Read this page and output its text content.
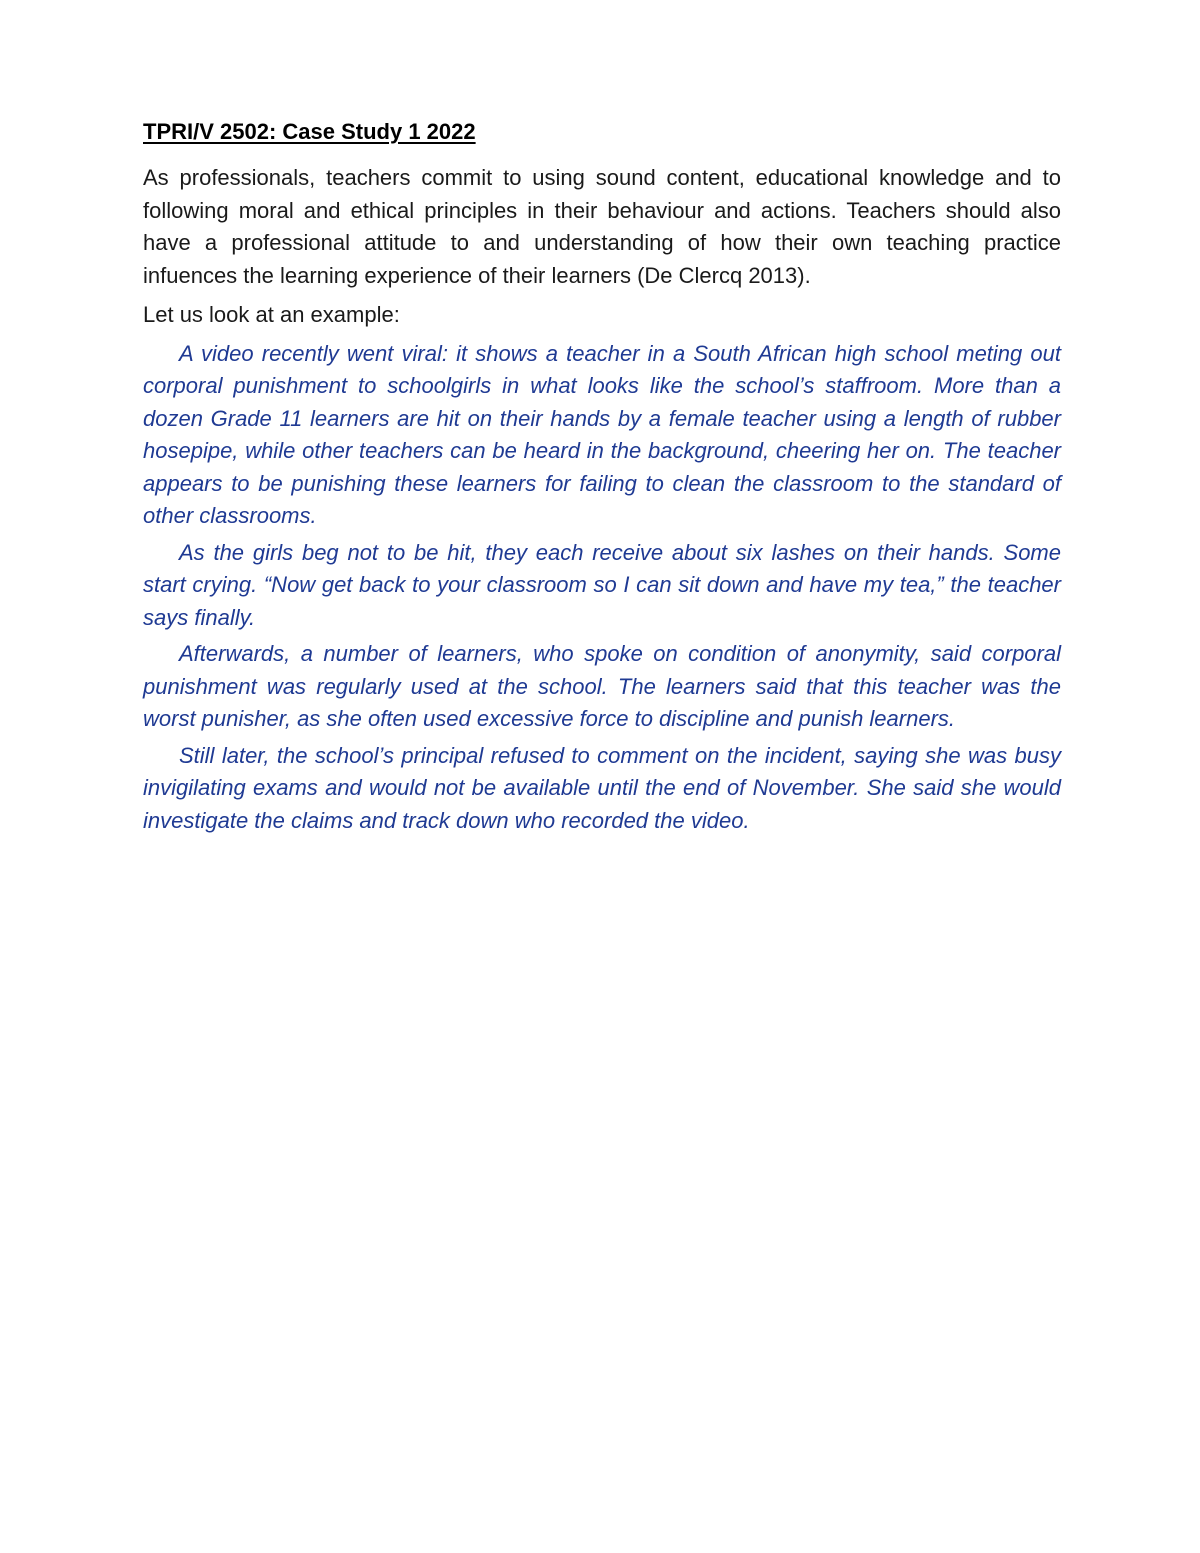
TPRI/V 2502: Case Study 1 2022

As professionals, teachers commit to using sound content, educational knowledge and to following moral and ethical principles in their behaviour and actions. Teachers should also have a professional attitude to and understanding of how their own teaching practice infuences the learning experience of their learners (De Clercq 2013).

Let us look at an example:

A video recently went viral: it shows a teacher in a South African high school meting out corporal punishment to schoolgirls in what looks like the school’s staffroom. More than a dozen Grade 11 learners are hit on their hands by a female teacher using a length of rubber hosepipe, while other teachers can be heard in the background, cheering her on. The teacher appears to be punishing these learners for failing to clean the classroom to the standard of other classrooms.

As the girls beg not to be hit, they each receive about six lashes on their hands. Some start crying. “Now get back to your classroom so I can sit down and have my tea,” the teacher says finally.

Afterwards, a number of learners, who spoke on condition of anonymity, said corporal punishment was regularly used at the school. The learners said that this teacher was the worst punisher, as she often used excessive force to discipline and punish learners.

Still later, the school’s principal refused to comment on the incident, saying she was busy invigilating exams and would not be available until the end of November. She said she would investigate the claims and track down who recorded the video.
